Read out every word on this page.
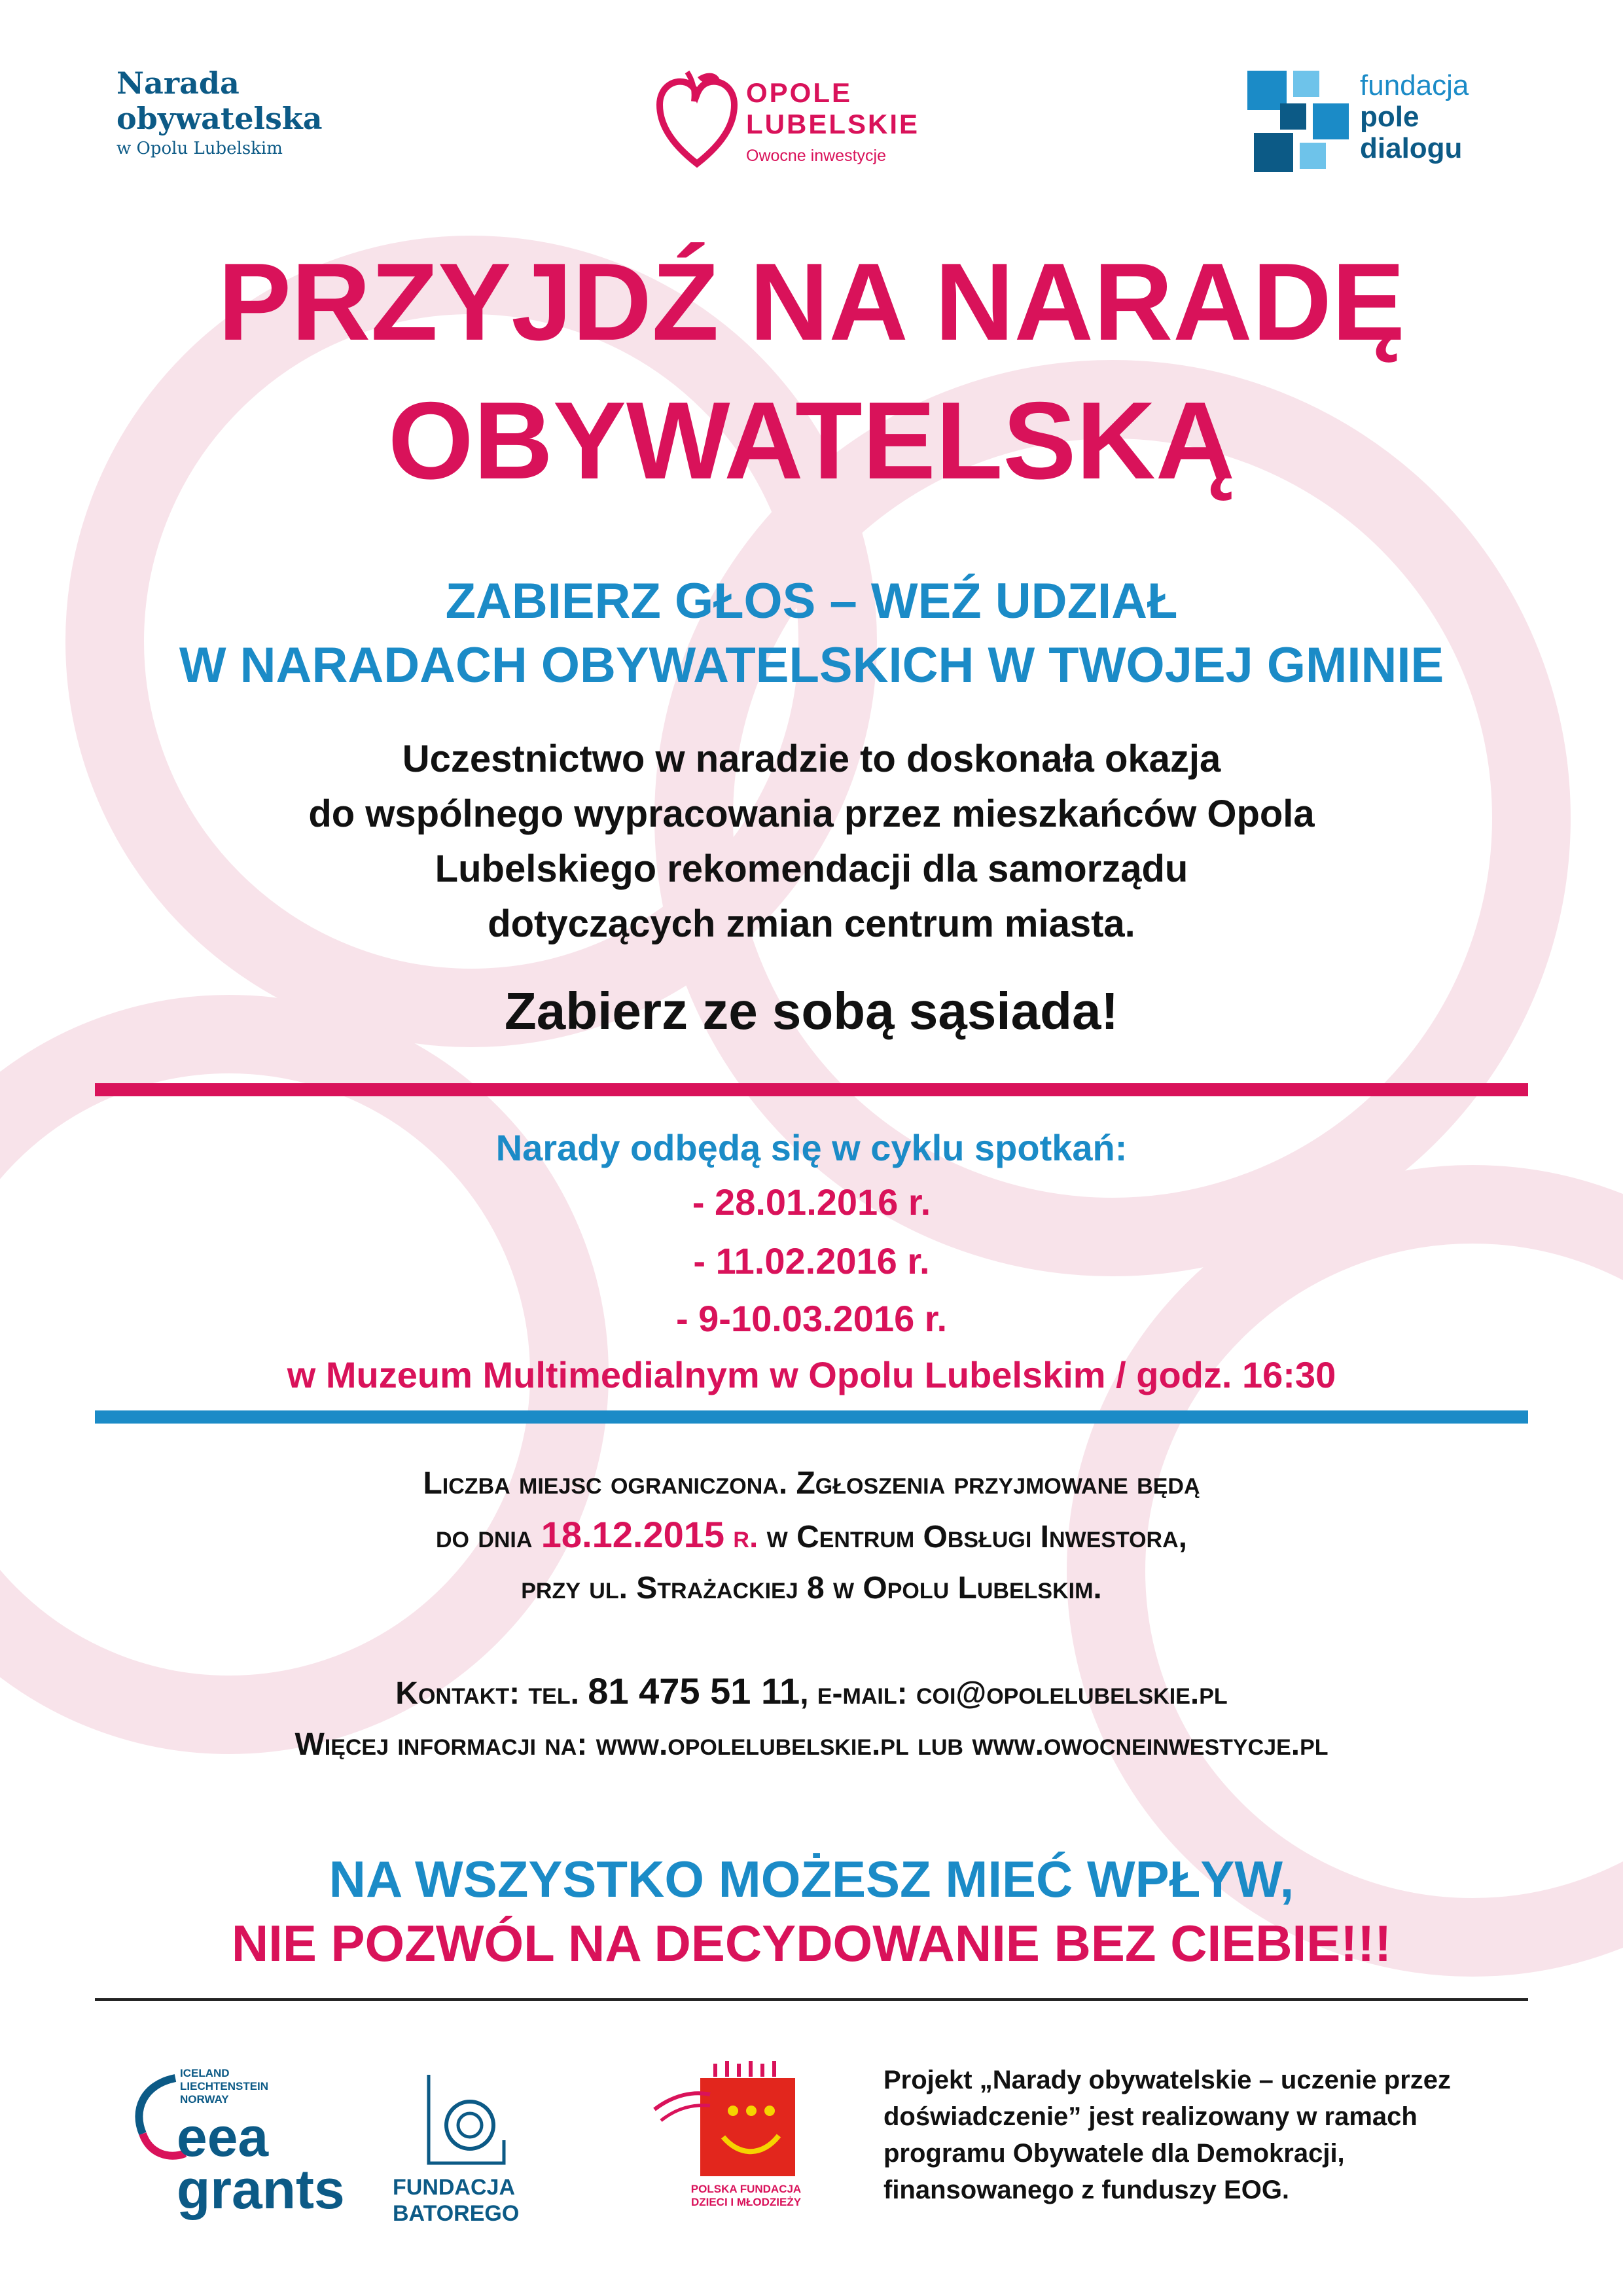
Narada
obywatelska
w Opolu Lubelskim
OPOLE
LUBELSKIE
Owocne inwestycje
fundacja
pole
dialogu
PRZYJDŹ NA NARADĘ
OBYWATELSKĄ
ZABIERZ GŁOS – WEŹ UDZIAŁ
W NARADACH OBYWATELSKICH W TWOJEJ GMINIE
Uczestnictwo w naradzie to doskonała okazja
do wspólnego wypracowania przez mieszkańców Opola
Lubelskiego rekomendacji dla samorządu
dotyczących zmian centrum miasta.
Zabierz ze sobą sąsiada!
Narady odbędą się w cyklu spotkań:
- 28.01.2016 r.
- 11.02.2016 r.
- 9-10.03.2016 r.
w Muzeum Multimedialnym w Opolu Lubelskim / godz. 16:30
Liczba miejsc ograniczona. Zgłoszenia przyjmowane będą
do dnia 18.12.2015 r. w Centrum Obsługi Inwestora,
przy ul. Strażackiej 8 w Opolu Lubelskim.
Kontakt: tel. 81 475 51 11, e-mail: coi@opolelubelskie.pl
Więcej informacji na: www.opolelubelskie.pl lub www.owocneinwestycje.pl
NA WSZYSTKO MOŻESZ MIEĆ WPŁYW,
NIE POZWÓL NA DECYDOWANIE BEZ CIEBIE!!!
ICELAND
LIECHTENSTEIN
NORWAY
eea
grants FUNDACJA
BATOREGO
POLSKA FUNDACJA
DZIECI I MŁODZIEŻY
Projekt „Narady obywatelskie – uczenie przez
doświadczenie” jest realizowany w ramach
programu Obywatele dla Demokracji,
finansowanego z funduszy EOG.
